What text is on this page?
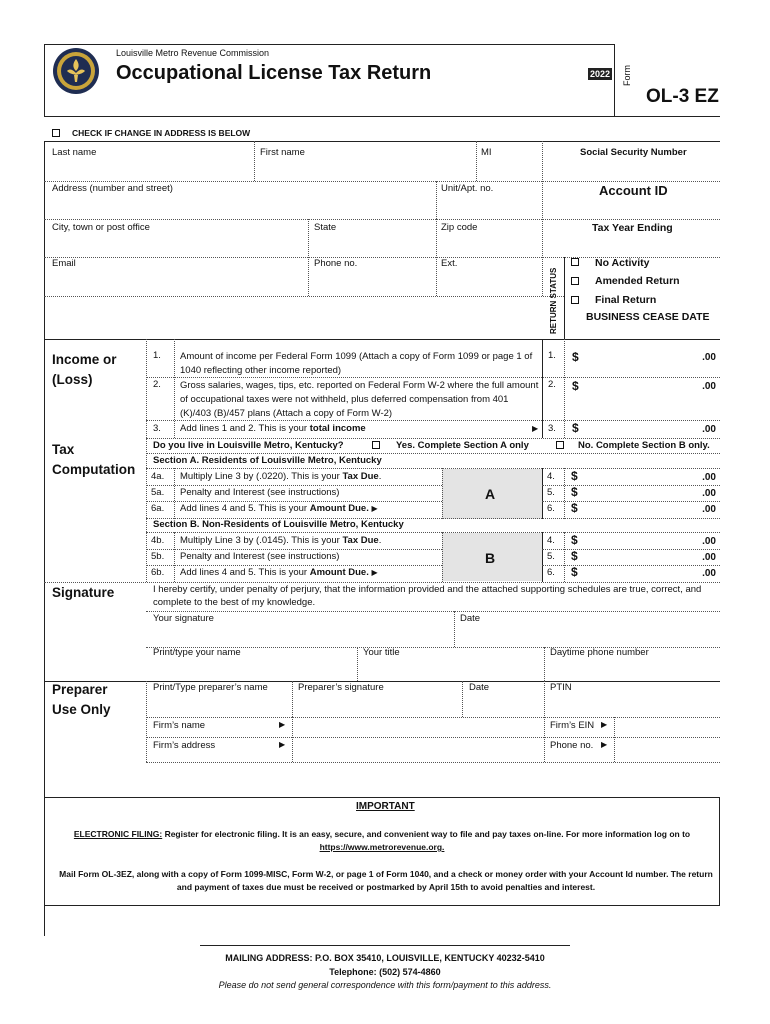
Louisville Metro Revenue Commission
Occupational License Tax Return	2022 Form
OL-3 EZ
CHECK IF CHANGE IN ADDRESS IS BELOW
Last name	First name	MI	Social Security Number
Address (number and street)	Unit/Apt. no.	Account ID
City, town or post office	State	Zip code	Tax Year Ending
Email	Phone no.	Ext.
RETURN STATUS
No Activity
Amended Return
Final Return
BUSINESS CEASE DATE
Income or
(Loss)
1. Amount of income per Federal Form 1099 (Attach a copy of Form 1099 or page 1 of 1040 reflecting other income reported)
1. $	.00
2. Gross salaries, wages, tips, etc. reported on Federal Form W-2 where the full amount of occupational taxes were not withheld, plus deferred compensation from 401 (K)/403 (B)/457 plans (Attach a copy of Form W-2)
2. $	.00
3. Add lines 1 and 2. This is your total income	▶ 3. $	.00
Tax
Computation
Do you live in Louisville Metro, Kentucky?	Yes. Complete Section A only	No. Complete Section B only.
Section A. Residents of Louisville Metro, Kentucky
A
4a. Multiply Line 3 by (.0220). This is your Tax Due.	4. $	.00
5a. Penalty and Interest (see instructions)	5. $	.00
6a. Add lines 4 and 5. This is your Amount Due. ▶	6. $	.00
Section B. Non-Residents of Louisville Metro, Kentucky
B
4b. Multiply Line 3 by (.0145). This is your Tax Due.	4. $	.00
5b. Penalty and Interest (see instructions)	5. $	.00
6b. Add lines 4 and 5. This is your Amount Due. ▶	6. $	.00
Signature	I hereby certify, under penalty of perjury, that the information provided and the attached supporting schedules are true, correct, and complete to the best of my knowledge.
Your signature	Date
Print/type your name	Your title	Daytime phone number
Preparer
Use Only
Print/Type preparer’s name	Preparer’s signature	Date	PTIN
Firm’s name	▶	Firm’s EIN ▶
Firm’s address	▶	Phone no. ▶
IMPORTANT
ELECTRONIC FILING: Register for electronic filing. It is an easy, secure, and convenient way to file and pay taxes on-line. For more information log on to
https://www.metrorevenue.org.
Mail Form OL-3EZ, along with a copy of Form 1099-MISC, Form W-2, or page 1 of Form 1040, and a check or money order with your Account Id number. The return and payment of taxes due must be received or postmarked by April 15th to avoid penalties and interest.
MAILING ADDRESS: P.O. BOX 35410, LOUISVILLE, KENTUCKY 40232-5410
Telephone: (502) 574-4860
Please do not send general correspondence with this form/payment to this address.
